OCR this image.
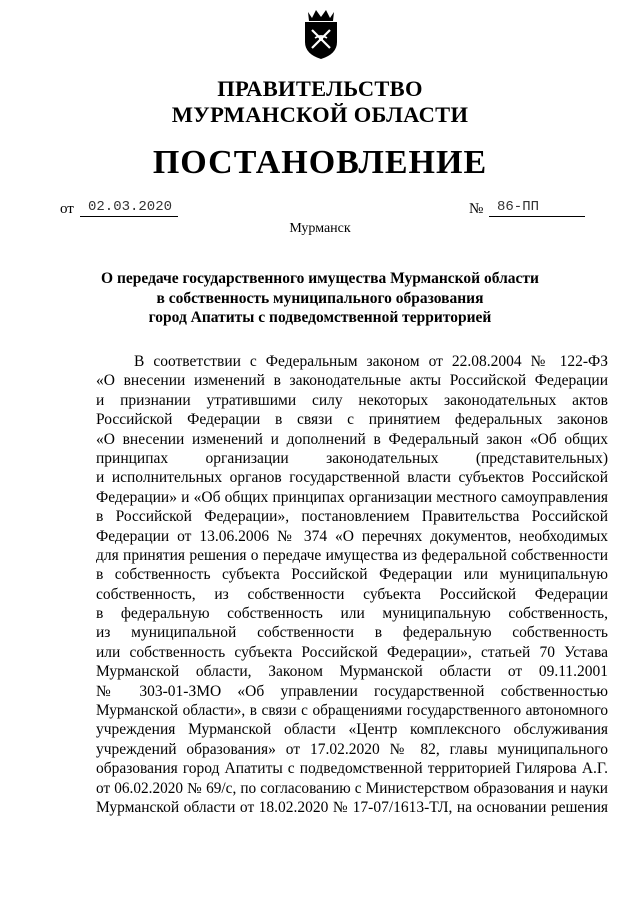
ПРАВИТЕЛЬСТВО
МУРМАНСКОЙ ОБЛАСТИ
ПОСТАНОВЛЕНИЕ
от	02.03.2020	№ 86-ПП
Мурманск
О передаче государственного имущества Мурманской области
в собственность муниципального образования
город Апатиты с подведомственной территорией
В соответствии с Федеральным законом от 22.08.2004 № 122-ФЗ
«О внесении изменений в законодательные акты Российской Федерации
и признании утратившими силу некоторых законодательных актов
Российской Федерации в связи с принятием федеральных законов
«О внесении изменений и дополнений в Федеральный закон «Об общих
принципах организации законодательных (представительных)
и исполнительных органов государственной власти субъектов Российской
Федерации» и «Об общих принципах организации местного самоуправления
в Российской Федерации», постановлением Правительства Российской
Федерации от 13.06.2006 № 374 «О перечнях документов, необходимых
для принятия решения о передаче имущества из федеральной собственности
в собственность субъекта Российской Федерации или муниципальную
собственность, из собственности субъекта Российской Федерации
в федеральную собственность или муниципальную собственность,
из муниципальной собственности в федеральную собственность
или собственность субъекта Российской Федерации», статьей 70 Устава
Мурманской области, Законом Мурманской области от 09.11.2001
№ 303-01-ЗМО «Об управлении государственной собственностью
Мурманской области», в связи с обращениями государственного автономного
учреждения Мурманской области «Центр комплексного обслуживания
учреждений образования» от 17.02.2020 № 82, главы муниципального
образования город Апатиты с подведомственной территорией Гилярова А.Г.
от 06.02.2020 № 69/с, по согласованию с Министерством образования и науки
Мурманской области от 18.02.2020 № 17-07/1613-ТЛ, на основании решения
